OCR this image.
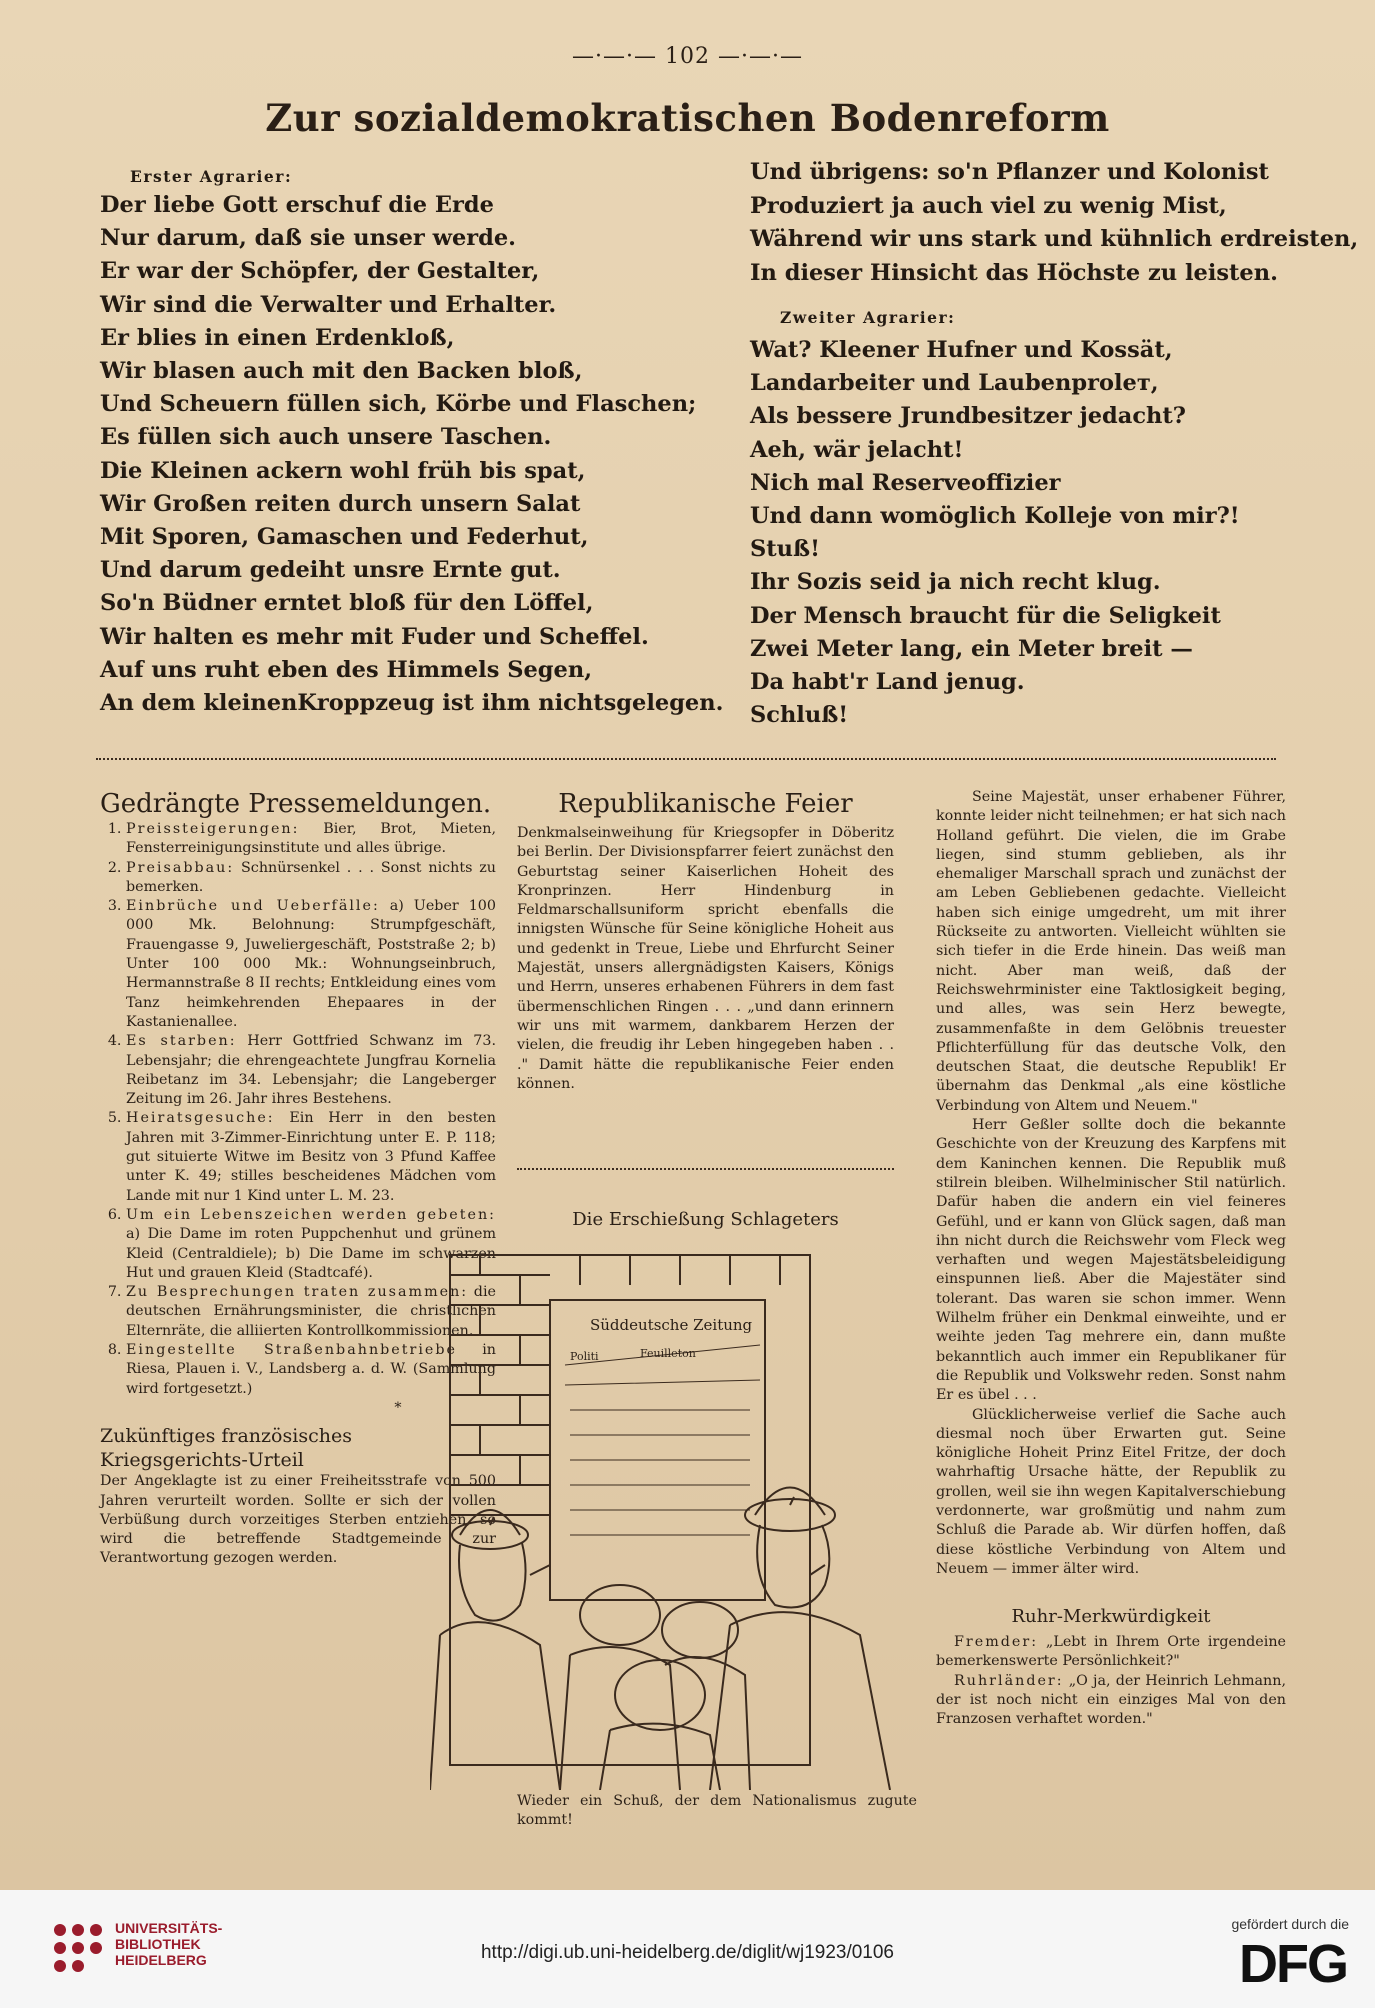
—·—·— 102 —·—·—
Zur sozialdemokratischen Bodenreform
Erster Agrarier:
Der liebe Gott erschuf die Erde
Nur darum, daß sie unser werde.
Er war der Schöpfer, der Gestalter,
Wir sind die Verwalter und Erhalter.
Er blies in einen Erdenkloß,
Wir blasen auch mit den Backen bloß,
Und Scheuern füllen sich, Körbe und Flaschen;
Es füllen sich auch unsere Taschen.
Die Kleinen ackern wohl früh bis spat,
Wir Großen reiten durch unsern Salat
Mit Sporen, Gamaschen und Federhut,
Und darum gedeiht unsre Ernte gut.
So'n Büdner erntet bloß für den Löffel,
Wir halten es mehr mit Fuder und Scheffel.
Auf uns ruht eben des Himmels Segen,
An dem kleinenKroppzeug ist ihm nichtsgelegen.
Und übrigens: so'n Pflanzer und Kolonist
Produziert ja auch viel zu wenig Mist,
Während wir uns stark und kühnlich erdreisten,
In dieser Hinsicht das Höchste zu leisten.
Zweiter Agrarier:
Wat? Kleener Hufner und Kossät,
Landarbeiter und Laubenproleт,
Als bessere Jrundbesitzer jedacht?
Aeh, wär jelacht!
Nich mal Reserveoffizier
Und dann womöglich Kolleje von mir?!
Stuß!
Ihr Sozis seid ja nich recht klug.
Der Mensch braucht für die Seligkeit
Zwei Meter lang, ein Meter breit —
Da habt'r Land jenug.
Schluß!
Gedrängte Pressemeldungen.
1. Preissteigerungen: Bier, Brot, Mieten, Fensterreinigungsinstitute und alles übrige.
2. Preisabbau: Schnürsenkel . . . Sonst nichts zu bemerken.
3. Einbrüche und Ueberfälle: a) Ueber 100 000 Mk. Belohnung: Strumpfgeschäft, Frauengasse 9, Juweliergeschäft, Poststraße 2; b) Unter 100 000 Mk.: Wohnungseinbruch, Hermannstraße 8 II rechts; Entkleidung eines vom Tanz heimkehrenden Ehepaares in der Kastanienallee.
4. Es starben: Herr Gottfried Schwanz im 73. Lebensjahr; die ehrengeachtete Jungfrau Kornelia Reibetanz im 34. Lebensjahr; die Langeberger Zeitung im 26. Jahr ihres Bestehens.
5. Heiratsgesuche: Ein Herr in den besten Jahren mit 3-Zimmer-Einrichtung unter E. P. 118; gut situierte Witwe im Besitz von 3 Pfund Kaffee unter K. 49; stilles bescheidenes Mädchen vom Lande mit nur 1 Kind unter L. M. 23.
6. Um ein Lebenszeichen werden gebeten: a) Die Dame im roten Puppchenhut und grünem Kleid (Centraldiele); b) Die Dame im schwarzen Hut und grauen Kleid (Stadtcafé).
7. Zu Besprechungen traten zusammen: die deutschen Ernährungsminister, die christlichen Elternräte, die alliierten Kontrollkommissionen.
8. Eingestellte Straßenbahnbetriebe in Riesa, Plauen i. V., Landsberg a. d. W. (Sammlung wird fortgesetzt.)

*

Zukünftiges französisches Kriegsgerichts-Urteil

Der Angeklagte ist zu einer Freiheitsstrafe von 500 Jahren verurteilt worden. Sollte er sich der vollen Verbüßung durch vorzeitiges Sterben entziehen, so wird die betreffende Stadtgemeinde zur Verantwortung gezogen werden.

Republikanische Feier

Denkmalseinweihung für Kriegsopfer in Döberitz bei Berlin. Der Divisionspfarrer feiert zunächst den Geburtstag seiner Kaiserlichen Hoheit des Kronprinzen. Herr Hindenburg in Feldmarschallsuniform spricht ebenfalls die innigsten Wünsche für Seine königliche Hoheit aus und gedenkt in Treue, Liebe und Ehrfurcht Seiner Majestät, unsers allergnädigsten Kaisers, Königs und Herrn, unseres erhabenen Führers in dem fast übermenschlichen Ringen . . . „und dann erinnern wir uns mit warmem, dankbarem Herzen der vielen, die freudig ihr Leben hingegeben haben . . ." Damit hätte die republikanische Feier enden können.

Die Erschießung Schlageters
Süddeutsche Zeitung
Politi	Feuilleton

Wieder ein Schuß, der dem Nationalismus zugute kommt!

Seine Majestät, unser erhabener Führer, konnte leider nicht teilnehmen; er hat sich nach Holland geführt. Die vielen, die im Grabe liegen, sind stumm geblieben, als ihr ehemaliger Marschall sprach und zunächst der am Leben Gebliebenen gedachte. Vielleicht haben sich einige umgedreht, um mit ihrer Rückseite zu antworten. Vielleicht wühlten sie sich tiefer in die Erde hinein. Das weiß man nicht. Aber man weiß, daß der Reichswehrminister eine Taktlosigkeit beging, und alles, was sein Herz bewegte, zusammenfaßte in dem Gelöbnis treuester Pflichterfüllung für das deutsche Volk, den deutschen Staat, die deutsche Republik! Er übernahm das Denkmal „als eine köstliche Verbindung von Altem und Neuem."

Herr Geßler sollte doch die bekannte Geschichte von der Kreuzung des Karpfens mit dem Kaninchen kennen. Die Republik muß stilrein bleiben. Wilhelminischer Stil natürlich. Dafür haben die andern ein viel feineres Gefühl, und er kann von Glück sagen, daß man ihn nicht durch die Reichswehr vom Fleck weg verhaften und wegen Majestätsbeleidigung einspunnen ließ. Aber die Majestäter sind tolerant. Das waren sie schon immer. Wenn Wilhelm früher ein Denkmal einweihte, und er weihte jeden Tag mehrere ein, dann mußte bekanntlich auch immer ein Republikaner für die Republik und Volkswehr reden. Sonst nahm Er es übel . . .

Glücklicherweise verlief die Sache auch diesmal noch über Erwarten gut. Seine königliche Hoheit Prinz Eitel Fritze, der doch wahrhaftig Ursache hätte, der Republik zu grollen, weil sie ihn wegen Kapitalverschiebung verdonnerte, war großmütig und nahm zum Schluß die Parade ab. Wir dürfen hoffen, daß diese köstliche Verbindung von Altem und Neuem — immer älter wird.

Ruhr-Merkwürdigkeit

Fremder: „Lebt in Ihrem Orte irgendeine bemerkenswerte Persönlichkeit?"

Ruhrländer: „O ja, der Heinrich Lehmann, der ist noch nicht ein einziges Mal von den Franzosen verhaftet worden."

UNIVERSITÄTS-
BIBLIOTHEK
HEIDELBERG	http://digi.ub.uni-heidelberg.de/diglit/wj1923/0106
gefördert durch die
DFG
